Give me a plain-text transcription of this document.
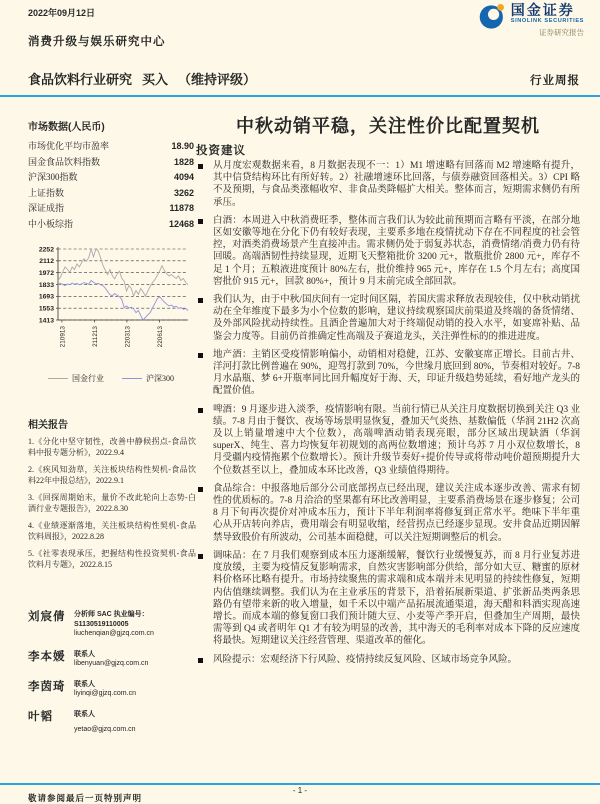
2022年09月12日	国金证券
SINOLINK SECURITIES
证券研究报告
消费升级与娱乐研究中心
食品饮料行业研究 买入 （维持评级）	行业周报

市场数据(人民币)

市场优化平均市盈率	18.90
国金食品饮料指数	1828
沪深300指数	4094
上证指数	3262
深证成指	11878
中小板综指	12468
2252
2112
1972
1833
1693
1553
1413
210913	211213	220313	220613
国金行业	沪深300

相关报告

1.《分化中坚守韧性，改善中静候拐点-食品饮料中报专题分析》，2022.9.4

2.《疾风知劲草，关注板块结构性契机-食品饮料22年中报总结》，2022.9.1

3.《回探周期始末，量价不改此轮向上态势-白酒行业专题报告》，2022.8.30

4.《业绩逐渐落地，关注板块结构性契机-食品饮料周报》，2022.8.28

5.《社零表现承压，把握结构性投资契机-食品饮料月专题》，2022.8.15

刘宸倩	分析师 SAC 执业编号：S1130519110005
liuchenqian@gjzq.com.cn
李本媛	联系人
libenyuan@gjzq.com.cn
李茵琦	联系人
liyinqi@gjzq.com.cn
叶韬	联系人
yetao@gjzq.com.cn
中秋动销平稳，关注性价比配置契机
投资建议

从月度宏观数据来看，8 月数据表现不一：1）M1 增速略有回落而 M2 增速略有提升，其中信贷结构环比有所好转。2）社融增速环比回落，与债券融资回落相关。3）CPI 略不及预期，与食品类涨幅收窄、非食品类降幅扩大相关。整体而言，短期需求侧仍有所承压。

白酒：本周进入中秋消费旺季，整体而言我们认为较此前预期而言略有平淡，在部分地区如安徽等地在分化下仍有较好表现，主要系多地在疫情扰动下存在不同程度的社会管控，对酒类消费场景产生直接冲击。需求侧仍处于弱复苏状态，消费情绪/消费力仍有待回暖。高端酒韧性持续显现，近期飞天整箱批价 3200 元+，散瓶批价 2800 元+，库存不足 1 个月；五粮液进度预计 80%左右，批价维持 965 元+，库存在 1.5 个月左右；高度国窖批价 915 元+，回款 80%+，预计 9 月末前完成全部回款。

我们认为，由于中秋/国庆间有一定时间区隔，若国庆需求释放表现较佳，仅中秋动销扰动在全年维度下最多为小个位数的影响，建议持续观察国庆前渠道及终端的备货情绪、及外部风险扰动持续性。且酒企普遍加大对于终端促动销的投入水平，如宴席补贴、品鉴会力度等。目前仍首推确定性高端及子赛道龙头，关注弹性标的的推进进度。

地产酒：主销区受疫情影响偏小，动销相对稳健，江苏、安徽宴席正增长。目前古井、洋河打款比例普遍在 90%，迎驾打款到 70%，今世缘月底回到 80%，节奏相对较好。7-8 月水晶瓶、梦 6+开瓶率同比回升幅度好于海、天，印证升级趋势延续，看好地产龙头的配置价值。

啤酒：9 月逐步进入淡季，疫情影响有限。当前行情已从关注月度数据切换到关注 Q3 业绩。7-8 月由于餐饮、夜场等场景明显恢复，叠加天气炎热、基数偏低（华润 21H2 次高及以上销量增速中大个位数），高端啤酒动销表现亮眼，部分区域出现缺酒（华润 superX、纯生、喜力均恢复年初规划的高两位数增速；预计乌苏 7 月小双位数增长，8 月受疆内疫情拖累个位数增长）。预计升级节奏好+提价传导或将带动吨价超预期提升大个位数甚至以上，叠加成本环比改善，Q3 业绩值得期待。

食品综合：中报落地后部分公司底部拐点已经出现，建议关注成本逐步改善、需求有韧性的优质标的。7-8 月洽洽的坚果都有环比改善明显，主要系消费场景在逐步修复；公司 8 月下旬再次提价对冲成本压力，预计下半年利润率将修复到正常水平。绝味下半年重心从开店转向养店，费用端会有明显收缩，经营拐点已经逐步显现。安井食品近期因解禁导致股价有所波动，公司基本面稳健，可以关注短期调整后的机会。

调味品：在 7 月我们观察到成本压力逐渐缓解，餐饮行业缓慢复苏，而 8 月行业复苏进度放缓，主要为疫情反复影响需求，自然灾害影响部分供给，部分如大豆、糖蜜的原材料价格环比略有提升。市场持续聚焦的需求端和成本端并未见明显的持续性修复，短期内估值继续调整。我们认为在主业承压的背景下，沿着拓展新渠道、扩张新品类两条思路仍有望带来新的收入增量，如千禾以中端产品拓展流通渠道，海天醋和料酒实现高速增长。而成本端的修复窗口我们预计随大豆、小麦等产季开启，但叠加生产周期，最快需等到 Q4 或者明年 Q1 才有较为明显的改善，其中海天的毛利率对成本下降的反应速度将最快。短期建议关注经营管理、渠道改革的催化。

风险提示：宏观经济下行风险、疫情持续反复风险、区域市场竞争风险。

- 1 -
敬请参阅最后一页特别声明
